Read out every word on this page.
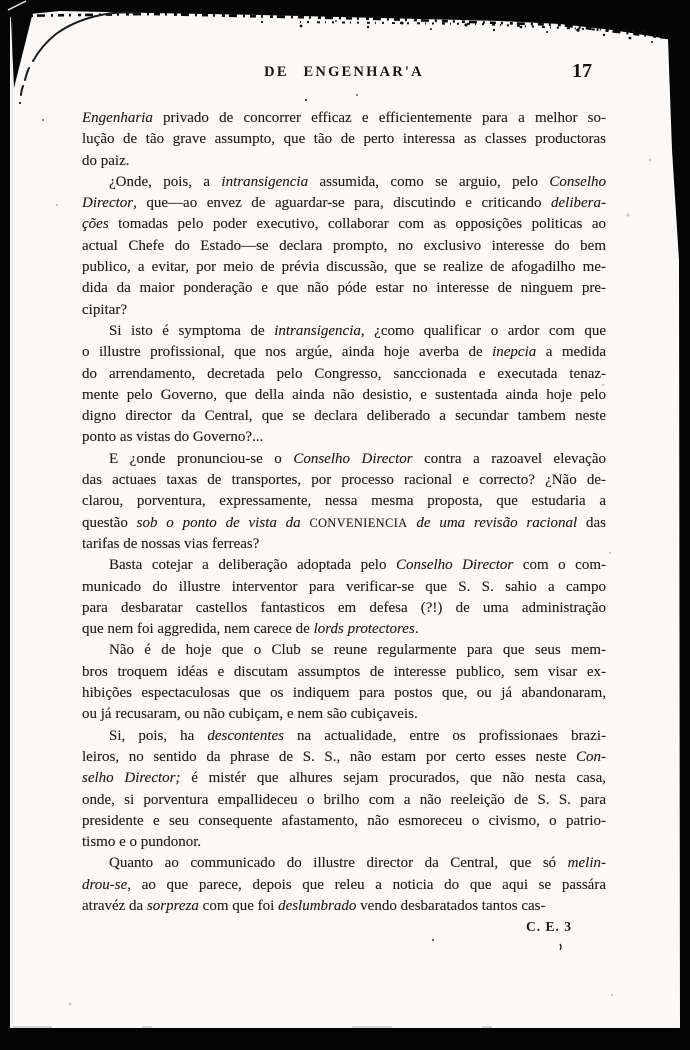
DE ENGENHAR'A	17
Engenharia privado de concorrer efficaz e efficientemente para a melhor so-
lução de tão grave assumpto, que tão de perto interessa as classes productoras
do paiz.
¿Onde, pois, a intransigencia assumida, como se arguio, pelo Conselho
Director, que—ao envez de aguardar-se para, discutindo e criticando delibera-
ções tomadas pelo poder executivo, collaborar com as opposições politicas ao
actual Chefe do Estado—se declara prompto, no exclusivo interesse do bem
publico, a evitar, por meio de prévia discussão, que se realize de afogadilho me-
dida da maior ponderação e que não póde estar no interesse de ninguem pre-
cipitar?
Si isto é symptoma de intransigencia, ¿como qualificar o ardor com que
o illustre profissional, que nos argúe, ainda hoje averba de inepcia a medida
do arrendamento, decretada pelo Congresso, sanccionada e executada tenaz-
mente pelo Governo, que della ainda não desistio, e sustentada ainda hoje pelo
digno director da Central, que se declara deliberado a secundar tambem neste
ponto as vistas do Governo?...
E ¿onde pronunciou-se o Conselho Director contra a razoavel elevação
das actuaes taxas de transportes, por processo racional e correcto? ¿Não de-
clarou, porventura, expressamente, nessa mesma proposta, que estudaria a
questão sob o ponto de vista da CONVENIENCIA de uma revisão racional das
tarifas de nossas vias ferreas?
Basta cotejar a deliberação adoptada pelo Conselho Director com o com-
municado do illustre interventor para verificar-se que S. S. sahio a campo
para desbaratar castellos fantasticos em defesa (?!) de uma administração
que nem foi aggredida, nem carece de lords protectores.
Não é de hoje que o Club se reune regularmente para que seus mem-
bros troquem idéas e discutam assumptos de interesse publico, sem visar ex-
hibições espectaculosas que os indiquem para postos que, ou já abandonaram,
ou já recusaram, ou não cubiçam, e nem são cubiçaveis.
Si, pois, ha descontentes na actualidade, entre os profissionaes brazi-
leiros, no sentido da phrase de S. S., não estam por certo esses neste Con-
selho Director; é mistér que alhures sejam procurados, que não nesta casa,
onde, si porventura empallideceu o brilho com a não reeleição de S. S. para
presidente e seu consequente afastamento, não esmoreceu o civismo, o patrio-
tismo e o pundonor.
Quanto ao communicado do illustre director da Central, que só melin-
drou-se, ao que parece, depois que releu a noticia do que aqui se passára
atravéz da sorpreza com que foi deslumbrado vendo desbaratados tantos cas-
C. E. 3
